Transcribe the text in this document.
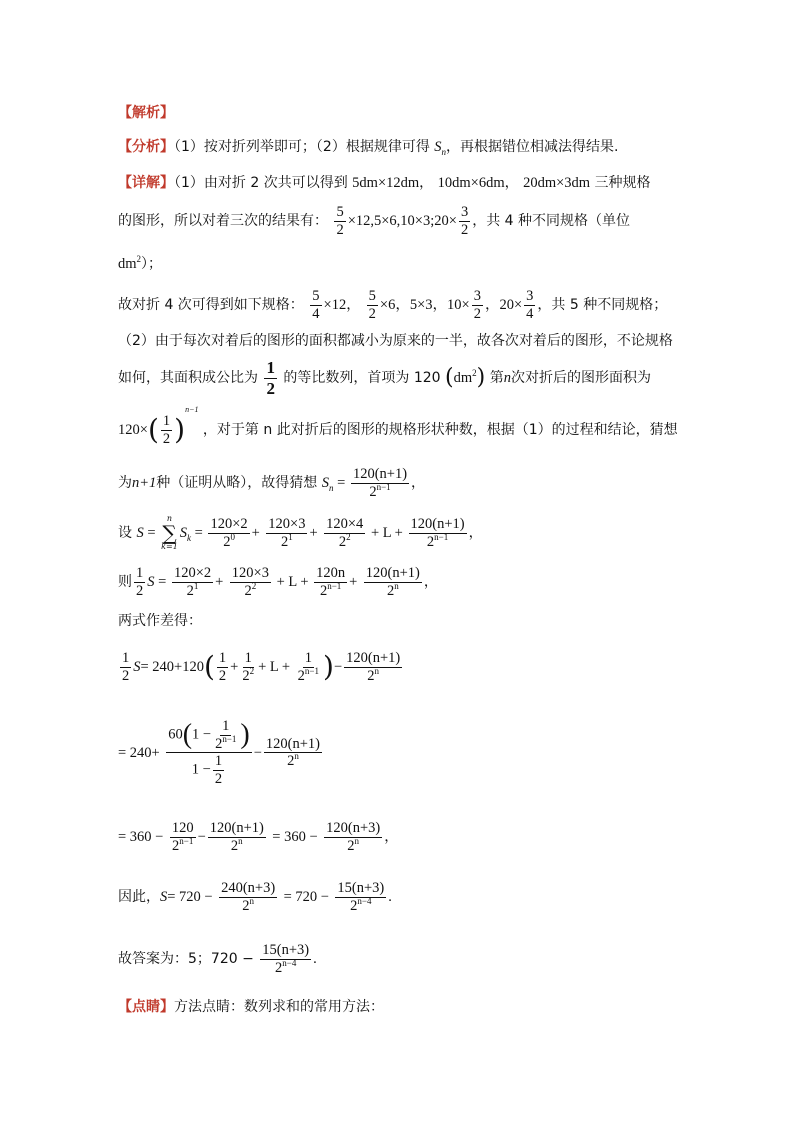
【解析】
【分析】（1）按对折列举即可；（2）根据规律可得 $S_n$，再根据错位相减法得结果.
【详解】（1）由对折 2 次共可以得到 5dm×12dm， 10dm×6dm， 20dm×3dm 三种规格
的图形，所以对着三次的结果有： $\frac{5}{2}$ ×12,5×6,10×3;20× $\frac{3}{2}$ ，共 4 种不同规格（单位
$dm^2$）；
故对折 4 次可得到如下规格： $\frac{5}{4} \times 12$， $\frac{5}{2} \times 6$，5×3，$10\times \frac{3}{2}$ ，$20\times \frac{3}{4}$ ，共 5 种不同规格；
（2）由于每次对着后的图形的面积都减小为原来的一半，故各次对着后的图形，不论规格
如何，其面积成公比为 $\frac{1}{2}$ 的等比数列，首项为 120 $(dm^2)$ 第n次对折后的图形面积为
$120\times( \frac{1}{2} )^{n-1}$ ，对于第 n 此对折后的图形的规格形状种数，根据（1）的过程和结论，猜想
为n+1种（证明从略），故得猜想 $S_n = \frac{120(n+1)}{2^{n-1}}$ ，
设 S =
n
∑
k=1
$S_k = \frac{120\times 2}{2^0} + \frac{120\times 3}{2^1} + \frac{120\times 4}{2^2} + L + \frac{120(n+1)}{2^{n-1}}$ ，
则 $\frac{1}{2}$ $S = \frac{120\times 2}{2^1} + \frac{120\times 3}{2^2} + L + \frac{120n}{2^{n-1}} + \frac{120(n+1)}{2^n}$ ，
两式作差得：
$\frac{1}{2} S= 240+120( \frac{1}{2} + \frac{1}{2^2} + L + \frac{1}{2^{n-1}}$ )− $\frac{120(n+1)}{2^n}$
= $240+ \frac{60(1 - \frac{1}{2^{n-1}} )}{1 - \frac{1}{2}} - \frac{120(n+1)}{2^n}$
= $360 - \frac{120}{2^{n-1}} - \frac{120(n+1)}{2^n} = 360 - \frac{120(n+3)}{2^n}$ ，
因此，$S= 720 - \frac{240(n+3)}{2^n} = 720 - \frac{15(n+3)}{2^{n-4}}$ .
故答案为：5；$720 - \frac{15(n+3)}{2^{n-4}}$ .
【点睛】方法点睛：数列求和的常用方法：
